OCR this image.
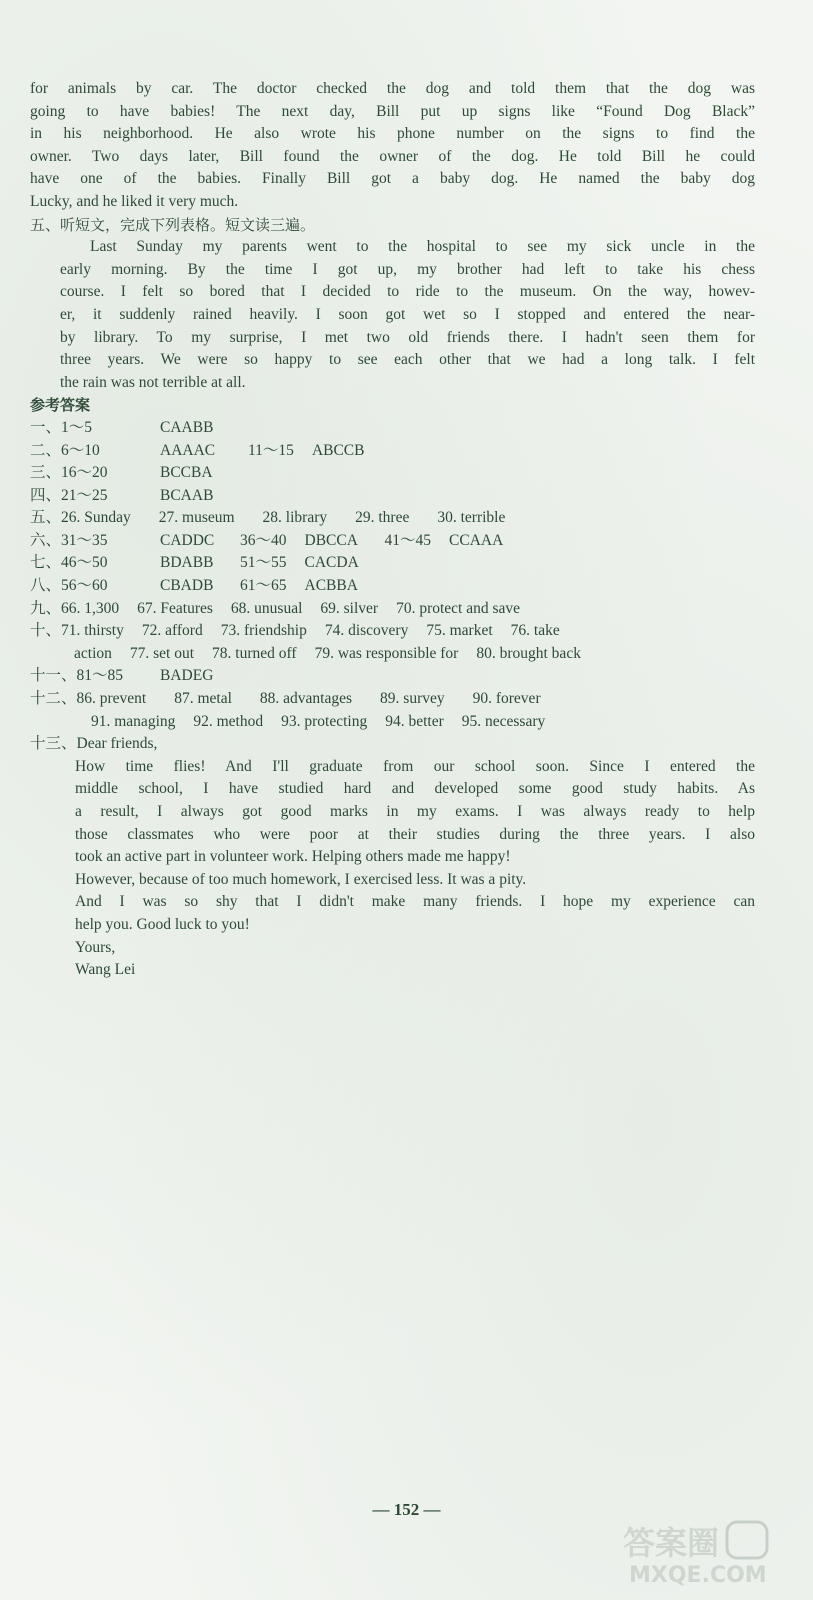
for animals by car. The doctor checked the dog and told them that the dog was
going to have babies! The next day, Bill put up signs like “Found Dog Black”
in his neighborhood. He also wrote his phone number on the signs to find the
owner. Two days later, Bill found the owner of the dog. He told Bill he could
have one of the babies. Finally Bill got a baby dog. He named the baby dog
Lucky, and he liked it very much.
五、听短文，完成下列表格。短文读三遍。
Last Sunday my parents went to the hospital to see my sick uncle in the
early morning. By the time I got up, my brother had left to take his chess
course. I felt so bored that I decided to ride to the museum. On the way, howev-
er, it suddenly rained heavily. I soon got wet so I stopped and entered the near-
by library. To my surprise, I met two old friends there. I hadn't seen them for
three years. We were so happy to see each other that we had a long talk. I felt
the rain was not terrible at all.
参考答案
一、1～5	CAABB
二、6～10	AAAAC	11～15 ABCCB
三、16～20	BCCBA
四、21～25	BCAAB
五、26. Sunday 27. museum 28. library 29. three 30. terrible
六、31～35	CADDC	36～40 DBCCA	41～45 CCAAA
七、46～50	BDABB	51～55 CACDA
八、56～60	CBADB	61～65 ACBBA
九、66. 1,300 67. Features 68. unusual 69. silver 70. protect and save
十、71. thirsty 72. afford 73. friendship 74. discovery 75. market 76. take
action 77. set out 78. turned off 79. was responsible for 80. brought back
十一、81～85	BADEG
十二、86. prevent 87. metal 88. advantages 89. survey 90. forever
91. managing 92. method 93. protecting 94. better 95. necessary
十三、Dear friends,
How time flies! And I'll graduate from our school soon. Since I entered the
middle school, I have studied hard and developed some good study habits. As
a result, I always got good marks in my exams. I was always ready to help
those classmates who were poor at their studies during the three years. I also
took an active part in volunteer work. Helping others made me happy!
However, because of too much homework, I exercised less. It was a pity.
And I was so shy that I didn't make many friends. I hope my experience can
help you. Good luck to you!
Yours,
Wang Lei
— 152 —
答案圈 MXQE.COM
